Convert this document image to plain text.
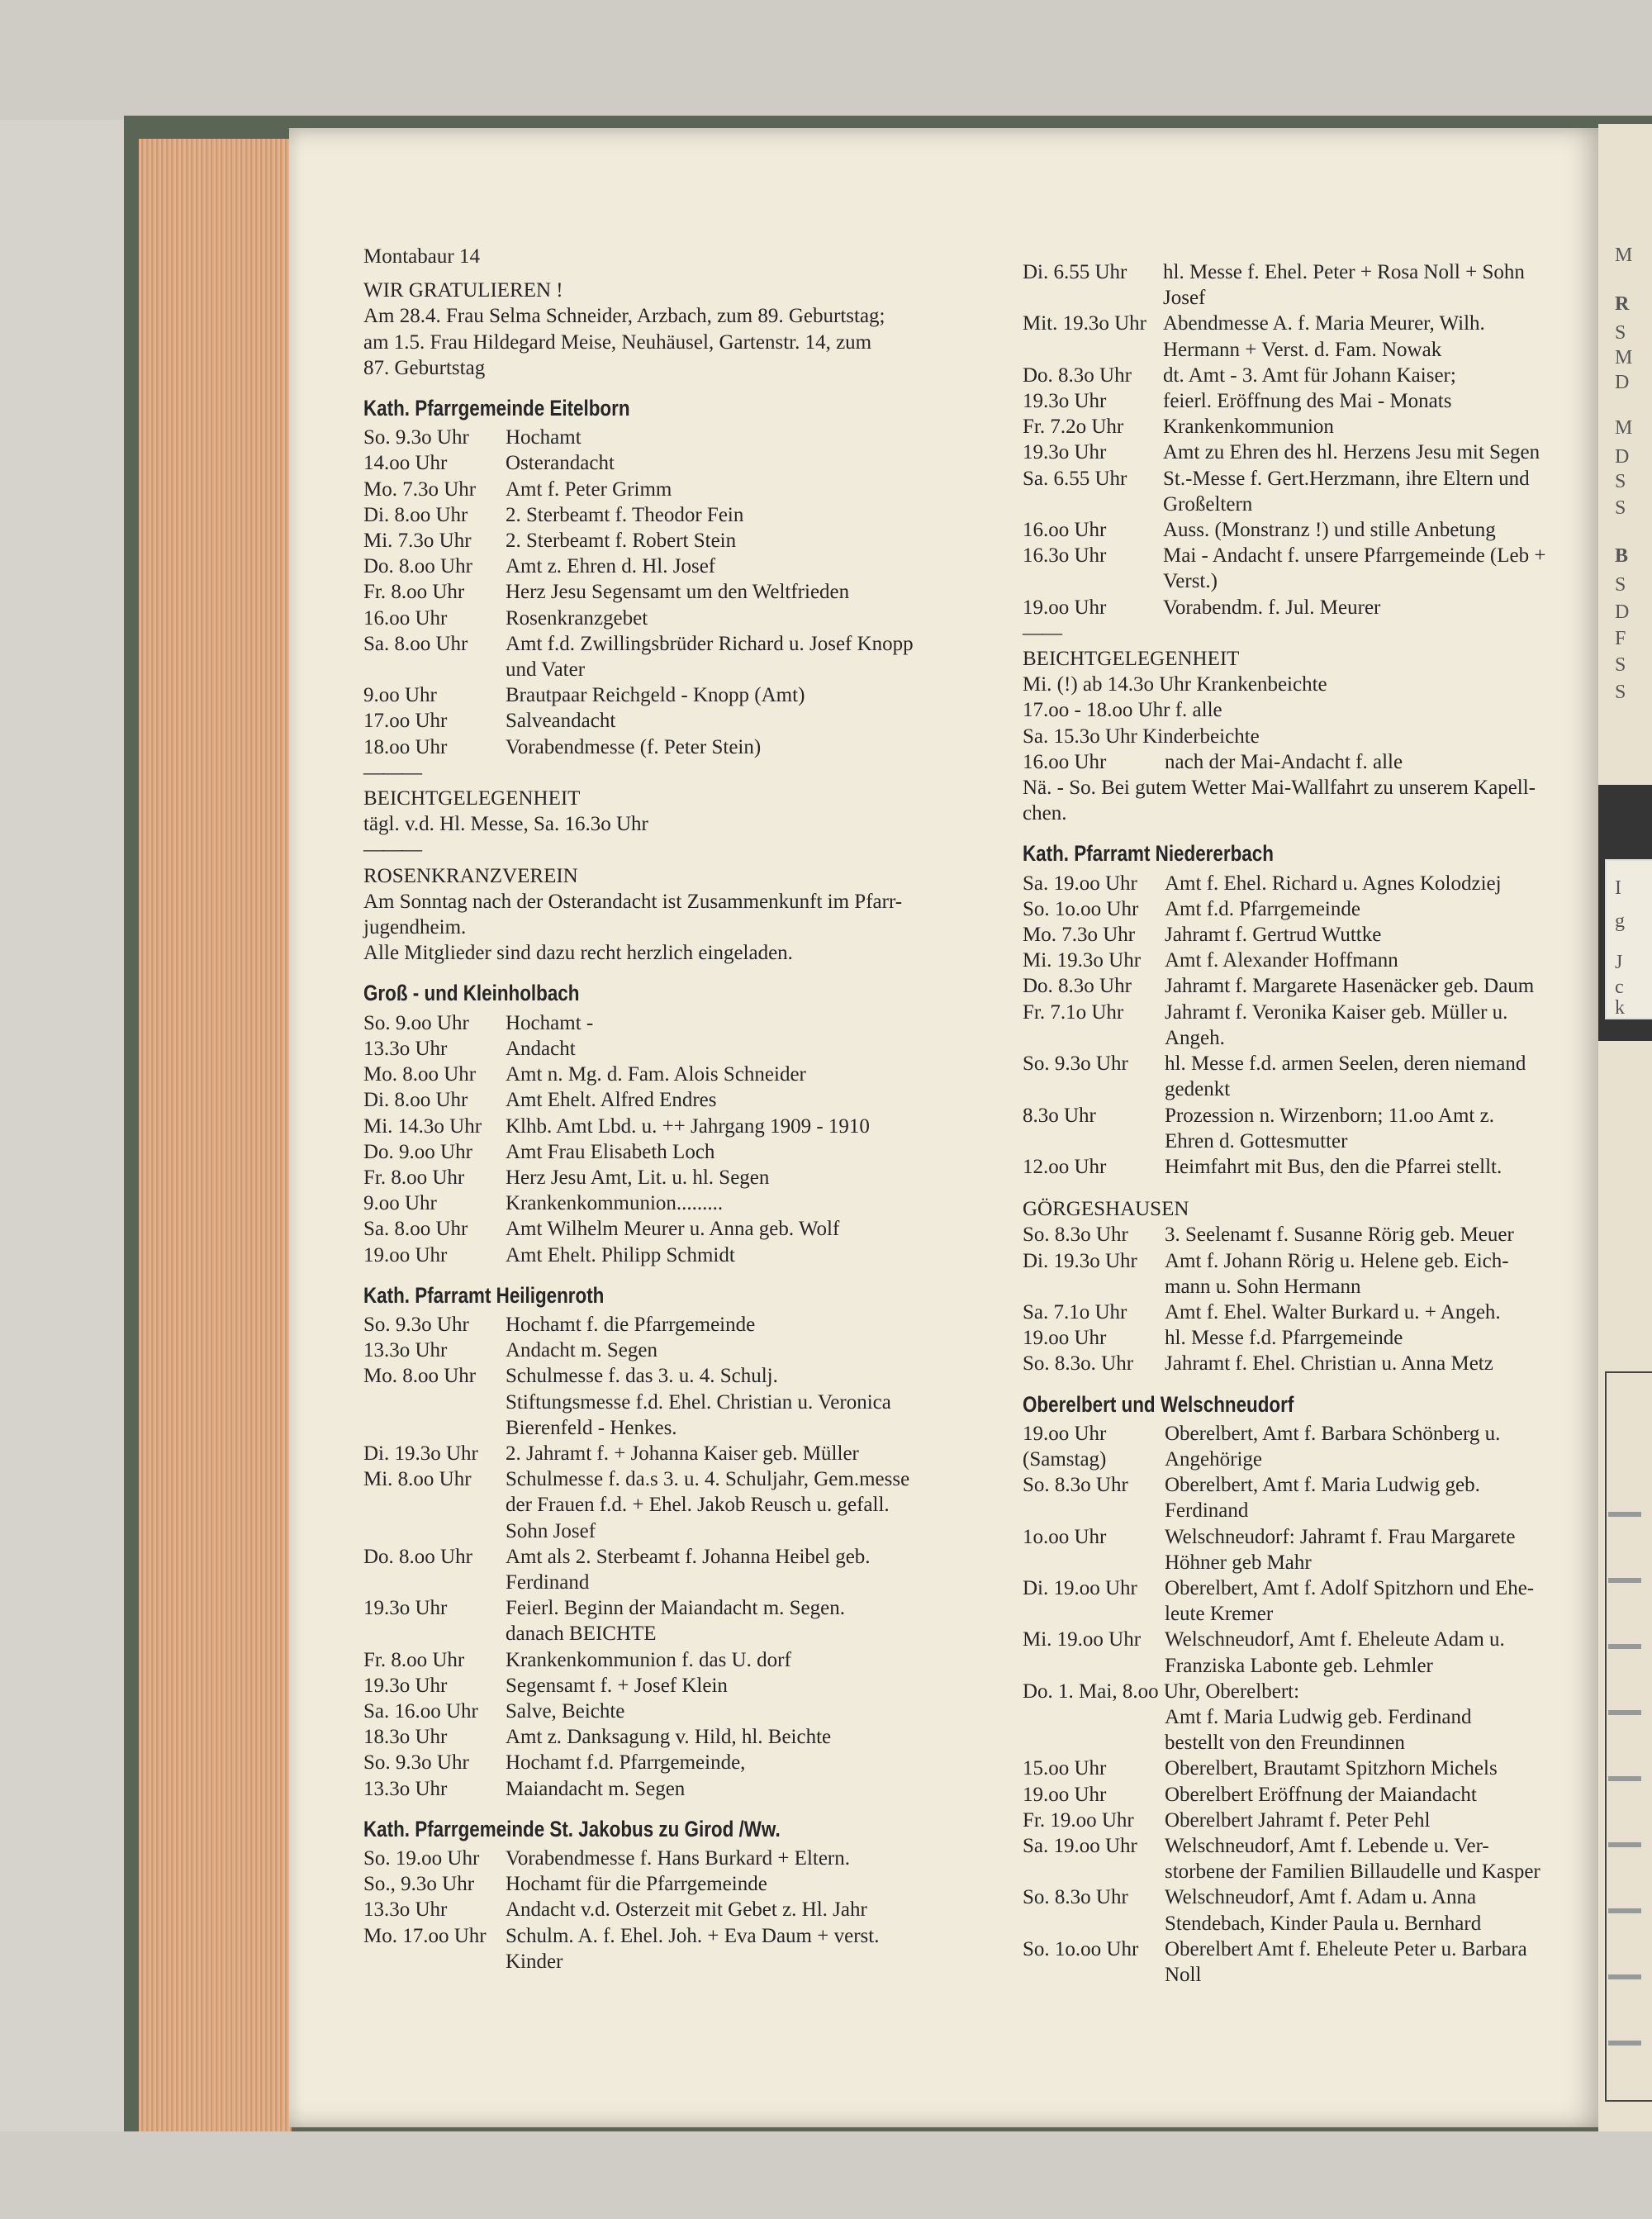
M
R
S
M
D
M
D
S
S
B
S
D
F
S
S
I
g
J
c
k
Montabaur 14
WIR GRATULIEREN !
Am 28.4. Frau Selma Schneider, Arzbach, zum 89. Geburtstag;
am 1.5. Frau Hildegard Meise, Neuhäusel, Gartenstr. 14, zum
87. Geburtstag
Kath. Pfarrgemeinde Eitelborn
So. 9.3o Uhr	Hochamt
14.oo Uhr	Osterandacht
Mo. 7.3o Uhr	Amt f. Peter Grimm
Di. 8.oo Uhr	2. Sterbeamt f. Theodor Fein
Mi. 7.3o Uhr	2. Sterbeamt f. Robert Stein
Do. 8.oo Uhr	Amt z. Ehren d. Hl. Josef
Fr. 8.oo Uhr	Herz Jesu Segensamt um den Weltfrieden
16.oo Uhr	Rosenkranzgebet
Sa. 8.oo Uhr	Amt f.d. Zwillingsbrüder Richard u. Josef Knopp
und Vater
9.oo Uhr	Brautpaar Reichgeld - Knopp (Amt)
17.oo Uhr	Salveandacht
18.oo Uhr	Vorabendmesse (f. Peter Stein)
———
BEICHTGELEGENHEIT
tägl. v.d. Hl. Messe, Sa. 16.3o Uhr
———
ROSENKRANZVEREIN
Am Sonntag nach der Osterandacht ist Zusammenkunft im Pfarr-
jugendheim.
Alle Mitglieder sind dazu recht herzlich eingeladen.
Groß - und Kleinholbach
So. 9.oo Uhr	Hochamt -
13.3o Uhr	Andacht
Mo. 8.oo Uhr	Amt n. Mg. d. Fam. Alois Schneider
Di. 8.oo Uhr	Amt Ehelt. Alfred Endres
Mi. 14.3o Uhr	Klhb. Amt Lbd. u. ++ Jahrgang 1909 - 1910
Do. 9.oo Uhr	Amt Frau Elisabeth Loch
Fr. 8.oo Uhr	Herz Jesu Amt, Lit. u. hl. Segen
9.oo Uhr	Krankenkommunion.........
Sa. 8.oo Uhr	Amt Wilhelm Meurer u. Anna geb. Wolf
19.oo Uhr	Amt Ehelt. Philipp Schmidt
Kath. Pfarramt Heiligenroth
So. 9.3o Uhr	Hochamt f. die Pfarrgemeinde
13.3o Uhr	Andacht m. Segen
Mo. 8.oo Uhr	Schulmesse f. das 3. u. 4. Schulj.
Stiftungsmesse f.d. Ehel. Christian u. Veronica
Bierenfeld - Henkes.
Di. 19.3o Uhr	2. Jahramt f. + Johanna Kaiser geb. Müller
Mi. 8.oo Uhr	Schulmesse f. da.s 3. u. 4. Schuljahr, Gem.messe
der Frauen f.d. + Ehel. Jakob Reusch u. gefall.
Sohn Josef
Do. 8.oo Uhr	Amt als 2. Sterbeamt f. Johanna Heibel geb.
Ferdinand
19.3o Uhr	Feierl. Beginn der Maiandacht m. Segen.
danach BEICHTE
Fr. 8.oo Uhr	Krankenkommunion f. das U. dorf
19.3o Uhr	Segensamt f. + Josef Klein
Sa. 16.oo Uhr	Salve, Beichte
18.3o Uhr	Amt z. Danksagung v. Hild, hl. Beichte
So. 9.3o Uhr	Hochamt f.d. Pfarrgemeinde,
13.3o Uhr	Maiandacht m. Segen
Kath. Pfarrgemeinde St. Jakobus zu Girod /Ww.
So. 19.oo Uhr	Vorabendmesse f. Hans Burkard + Eltern.
So., 9.3o Uhr	Hochamt für die Pfarrgemeinde
13.3o Uhr	Andacht v.d. Osterzeit mit Gebet z. Hl. Jahr
Mo. 17.oo Uhr Schulm. A. f. Ehel. Joh. + Eva Daum + verst.
Kinder
Di. 6.55 Uhr	hl. Messe f. Ehel. Peter + Rosa Noll + Sohn
Josef
Mit. 19.3o Uhr Abendmesse A. f. Maria Meurer, Wilh.
Hermann + Verst. d. Fam. Nowak
Do. 8.3o Uhr	dt. Amt - 3. Amt für Johann Kaiser;
19.3o Uhr	feierl. Eröffnung des Mai - Monats
Fr. 7.2o Uhr	Krankenkommunion
19.3o Uhr	Amt zu Ehren des hl. Herzens Jesu mit Segen
Sa. 6.55 Uhr	St.-Messe f. Gert.Herzmann, ihre Eltern und
Großeltern
16.oo Uhr	Auss. (Monstranz !) und stille Anbetung
16.3o Uhr	Mai - Andacht f. unsere Pfarrgemeinde (Leb +
Verst.)
19.oo Uhr	Vorabendm. f. Jul. Meurer
——
BEICHTGELEGENHEIT
Mi. (!) ab 14.3o Uhr Krankenbeichte
17.oo - 18.oo Uhr f. alle
Sa. 15.3o Uhr Kinderbeichte
16.oo Uhr	nach der Mai-Andacht f. alle
Nä. - So. Bei gutem Wetter Mai-Wallfahrt zu unserem Kapell-
chen.
Kath. Pfarramt Niedererbach
Sa. 19.oo Uhr	Amt f. Ehel. Richard u. Agnes Kolodziej
So. 1o.oo Uhr	Amt f.d. Pfarrgemeinde
Mo. 7.3o Uhr	Jahramt f. Gertrud Wuttke
Mi. 19.3o Uhr	Amt f. Alexander Hoffmann
Do. 8.3o Uhr	Jahramt f. Margarete Hasenäcker geb. Daum
Fr. 7.1o Uhr	Jahramt f. Veronika Kaiser geb. Müller u.
Angeh.
So. 9.3o Uhr	hl. Messe f.d. armen Seelen, deren niemand
gedenkt
8.3o Uhr	Prozession n. Wirzenborn; 11.oo Amt z.
Ehren d. Gottesmutter
12.oo Uhr	Heimfahrt mit Bus, den die Pfarrei stellt.
GÖRGESHAUSEN
So. 8.3o Uhr	3. Seelenamt f. Susanne Rörig geb. Meuer
Di. 19.3o Uhr	Amt f. Johann Rörig u. Helene geb. Eich-
mann u. Sohn Hermann
Sa. 7.1o Uhr	Amt f. Ehel. Walter Burkard u. + Angeh.
19.oo Uhr	hl. Messe f.d. Pfarrgemeinde
So. 8.3o. Uhr	Jahramt f. Ehel. Christian u. Anna Metz
Oberelbert und Welschneudorf
19.oo Uhr	Oberelbert, Amt f. Barbara Schönberg u.
(Samstag)	Angehörige
So. 8.3o Uhr	Oberelbert, Amt f. Maria Ludwig geb.
Ferdinand
1o.oo Uhr	Welschneudorf: Jahramt f. Frau Margarete
Höhner geb Mahr
Di. 19.oo Uhr	Oberelbert, Amt f. Adolf Spitzhorn und Ehe-
leute Kremer
Mi. 19.oo Uhr	Welschneudorf, Amt f. Eheleute Adam u.
Franziska Labonte geb. Lehmler
Do. 1. Mai, 8.oo Uhr, Oberelbert:
Amt f. Maria Ludwig geb. Ferdinand
bestellt von den Freundinnen
15.oo Uhr	Oberelbert, Brautamt Spitzhorn Michels
19.oo Uhr	Oberelbert Eröffnung der Maiandacht
Fr. 19.oo Uhr	Oberelbert Jahramt f. Peter Pehl
Sa. 19.oo Uhr	Welschneudorf, Amt f. Lebende u. Ver-
storbene der Familien Billaudelle und Kasper
So. 8.3o Uhr	Welschneudorf, Amt f. Adam u. Anna
Stendebach, Kinder Paula u. Bernhard
So. 1o.oo Uhr	Oberelbert Amt f. Eheleute Peter u. Barbara
Noll
